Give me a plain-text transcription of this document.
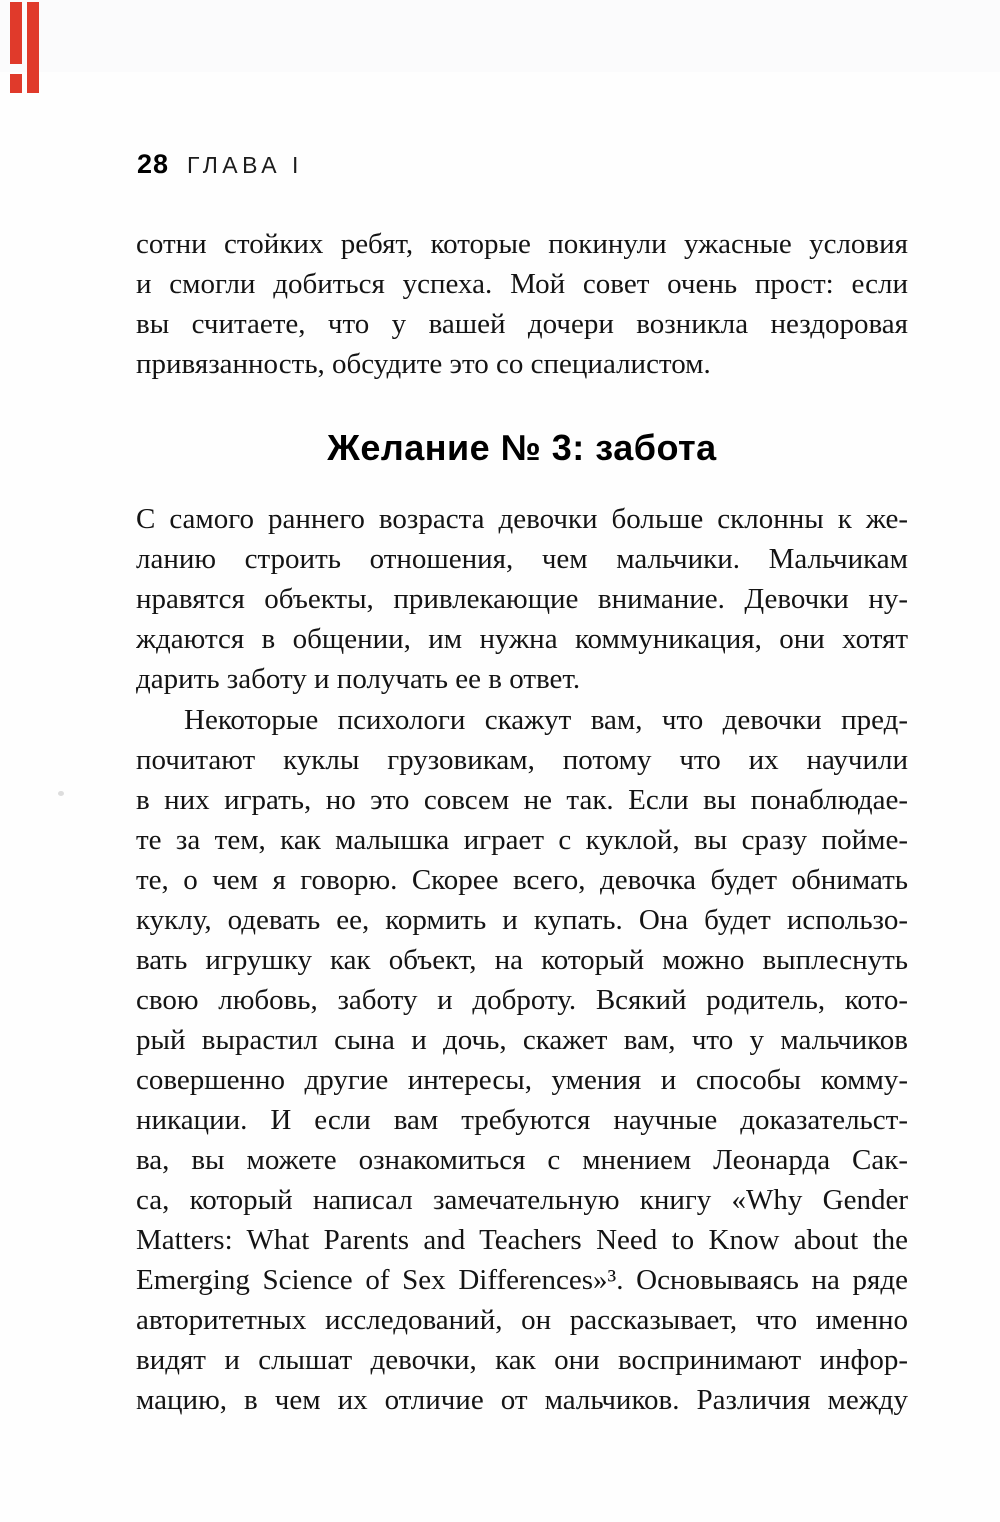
28 ГЛАВА I
Желание № 3: забота
сотни стойких ребят, которые покинули ужасные условия
и смогли добиться успеха. Мой совет очень прост: если
вы считаете, что у вашей дочери возникла нездоровая
привязанность, обсудите это со специалистом.
С самого раннего возраста девочки больше склонны к же-
ланию строить отношения, чем мальчики. Мальчикам
нравятся объекты, привлекающие внимание. Девочки ну-
ждаются в общении, им нужна коммуникация, они хотят
дарить заботу и получать ее в ответ.
Некоторые психологи скажут вам, что девочки пред-
почитают куклы грузовикам, потому что их научили
в них играть, но это совсем не так. Если вы понаблюдае-
те за тем, как малышка играет с куклой, вы сразу пойме-
те, о чем я говорю. Скорее всего, девочка будет обнимать
куклу, одевать ее, кормить и купать. Она будет использо-
вать игрушку как объект, на который можно выплеснуть
свою любовь, заботу и доброту. Всякий родитель, кото-
рый вырастил сына и дочь, скажет вам, что у мальчиков
совершенно другие интересы, умения и способы комму-
никации. И если вам требуются научные доказательст-
ва, вы можете ознакомиться с мнением Леонарда Сак-
са, который написал замечательную книгу «Why Gender
Matters: What Parents and Teachers Need to Know about the
Emerging Science of Sex Differences»³. Основываясь на ряде
авторитетных исследований, он рассказывает, что именно
видят и слышат девочки, как они воспринимают инфор-
мацию, в чем их отличие от мальчиков. Различия между
